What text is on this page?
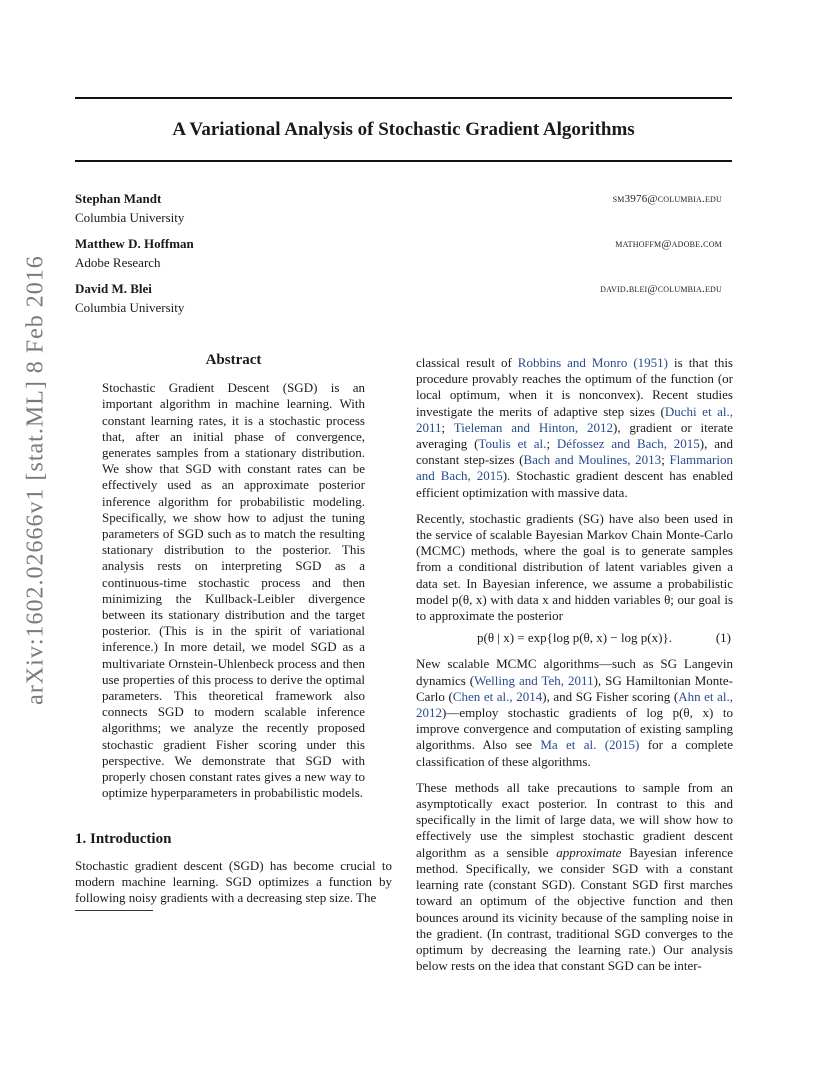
A Variational Analysis of Stochastic Gradient Algorithms
arXiv:1602.02666v1 [stat.ML] 8 Feb 2016
Stephan Mandt
Columbia University
sm3976@columbia.edu
Matthew D. Hoffman
Adobe Research
mathoffm@adobe.com
David M. Blei
Columbia University
david.blei@columbia.edu
Abstract

Stochastic Gradient Descent (SGD) is an important algorithm in machine learning. With constant learning rates, it is a stochastic process that, after an initial phase of convergence, generates samples from a stationary distribution. We show that SGD with constant rates can be effectively used as an approximate posterior inference algorithm for probabilistic modeling. Specifically, we show how to adjust the tuning parameters of SGD such as to match the resulting stationary distribution to the posterior. This analysis rests on interpreting SGD as a continuous-time stochastic process and then minimizing the Kullback-Leibler divergence between its stationary distribution and the target posterior. (This is in the spirit of variational inference.) In more detail, we model SGD as a multivariate Ornstein-Uhlenbeck process and then use properties of this process to derive the optimal parameters. This theoretical framework also connects SGD to modern scalable inference algorithms; we analyze the recently proposed stochastic gradient Fisher scoring under this perspective. We demonstrate that SGD with properly chosen constant rates gives a new way to optimize hyperparameters in probabilistic models.

1. Introduction

Stochastic gradient descent (SGD) has become crucial to modern machine learning. SGD optimizes a function by following noisy gradients with a decreasing step size. The

classical result of Robbins and Monro (1951) is that this procedure provably reaches the optimum of the function (or local optimum, when it is nonconvex). Recent studies investigate the merits of adaptive step sizes (Duchi et al., 2011; Tieleman and Hinton, 2012), gradient or iterate averaging (Toulis et al.; Défossez and Bach, 2015), and constant step-sizes (Bach and Moulines, 2013; Flammarion and Bach, 2015). Stochastic gradient descent has enabled efficient optimization with massive data.

Recently, stochastic gradients (SG) have also been used in the service of scalable Bayesian Markov Chain Monte-Carlo (MCMC) methods, where the goal is to generate samples from a conditional distribution of latent variables given a data set. In Bayesian inference, we assume a probabilistic model p(θ, x) with data x and hidden variables θ; our goal is to approximate the posterior

p(θ | x) = exp{log p(θ, x) − log p(x)}.	(1)

New scalable MCMC algorithms—such as SG Langevin dynamics (Welling and Teh, 2011), SG Hamiltonian Monte-Carlo (Chen et al., 2014), and SG Fisher scoring (Ahn et al., 2012)—employ stochastic gradients of log p(θ, x) to improve convergence and computation of existing sampling algorithms. Also see Ma et al. (2015) for a complete classification of these algorithms.

These methods all take precautions to sample from an asymptotically exact posterior. In contrast to this and specifically in the limit of large data, we will show how to effectively use the simplest stochastic gradient descent algorithm as a sensible approximate Bayesian inference method. Specifically, we consider SGD with a constant learning rate (constant SGD). Constant SGD first marches toward an optimum of the objective function and then bounces around its vicinity because of the sampling noise in the gradient. (In contrast, traditional SGD converges to the optimum by decreasing the learning rate.) Our analysis below rests on the idea that constant SGD can be inter-
